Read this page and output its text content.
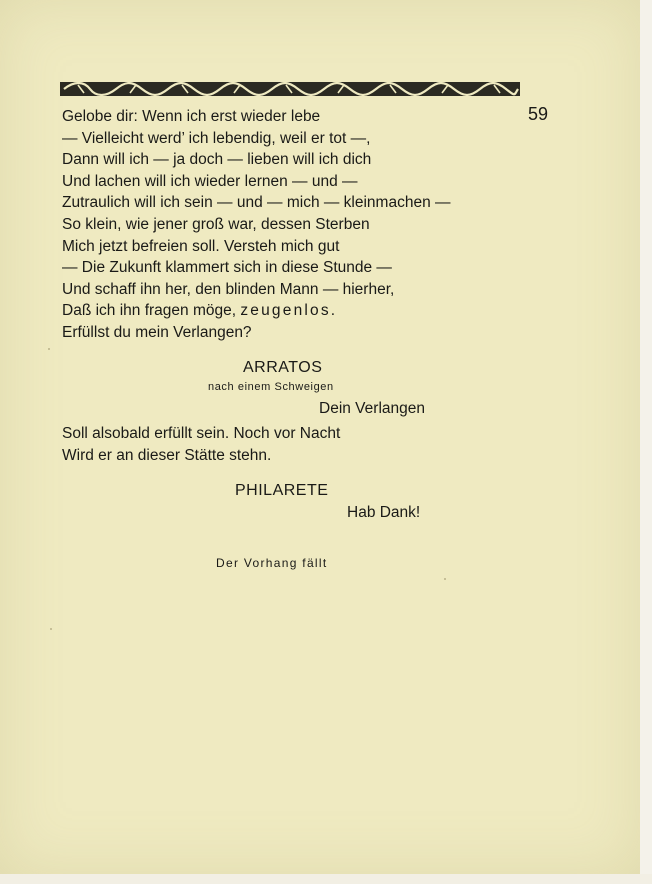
59
Gelobe dir: Wenn ich erst wieder lebe
— Vielleicht werd’ ich lebendig, weil er tot —,
Dann will ich — ja doch — lieben will ich dich
Und lachen will ich wieder lernen — und —
Zutraulich will ich sein — und — mich — kleinmachen —
So klein, wie jener groß war, dessen Sterben
Mich jetzt befreien soll. Versteh mich gut
— Die Zukunft klammert sich in diese Stunde —
Und schaff ihn her, den blinden Mann — hierher,
Daß ich ihn fragen möge, zeugenlos.
Erfüllst du mein Verlangen?
ARRATOS
nach einem Schweigen
Dein Verlangen
Soll alsobald erfüllt sein. Noch vor Nacht
Wird er an dieser Stätte stehn.
PHILARETE
Hab Dank!
Der Vorhang fällt
